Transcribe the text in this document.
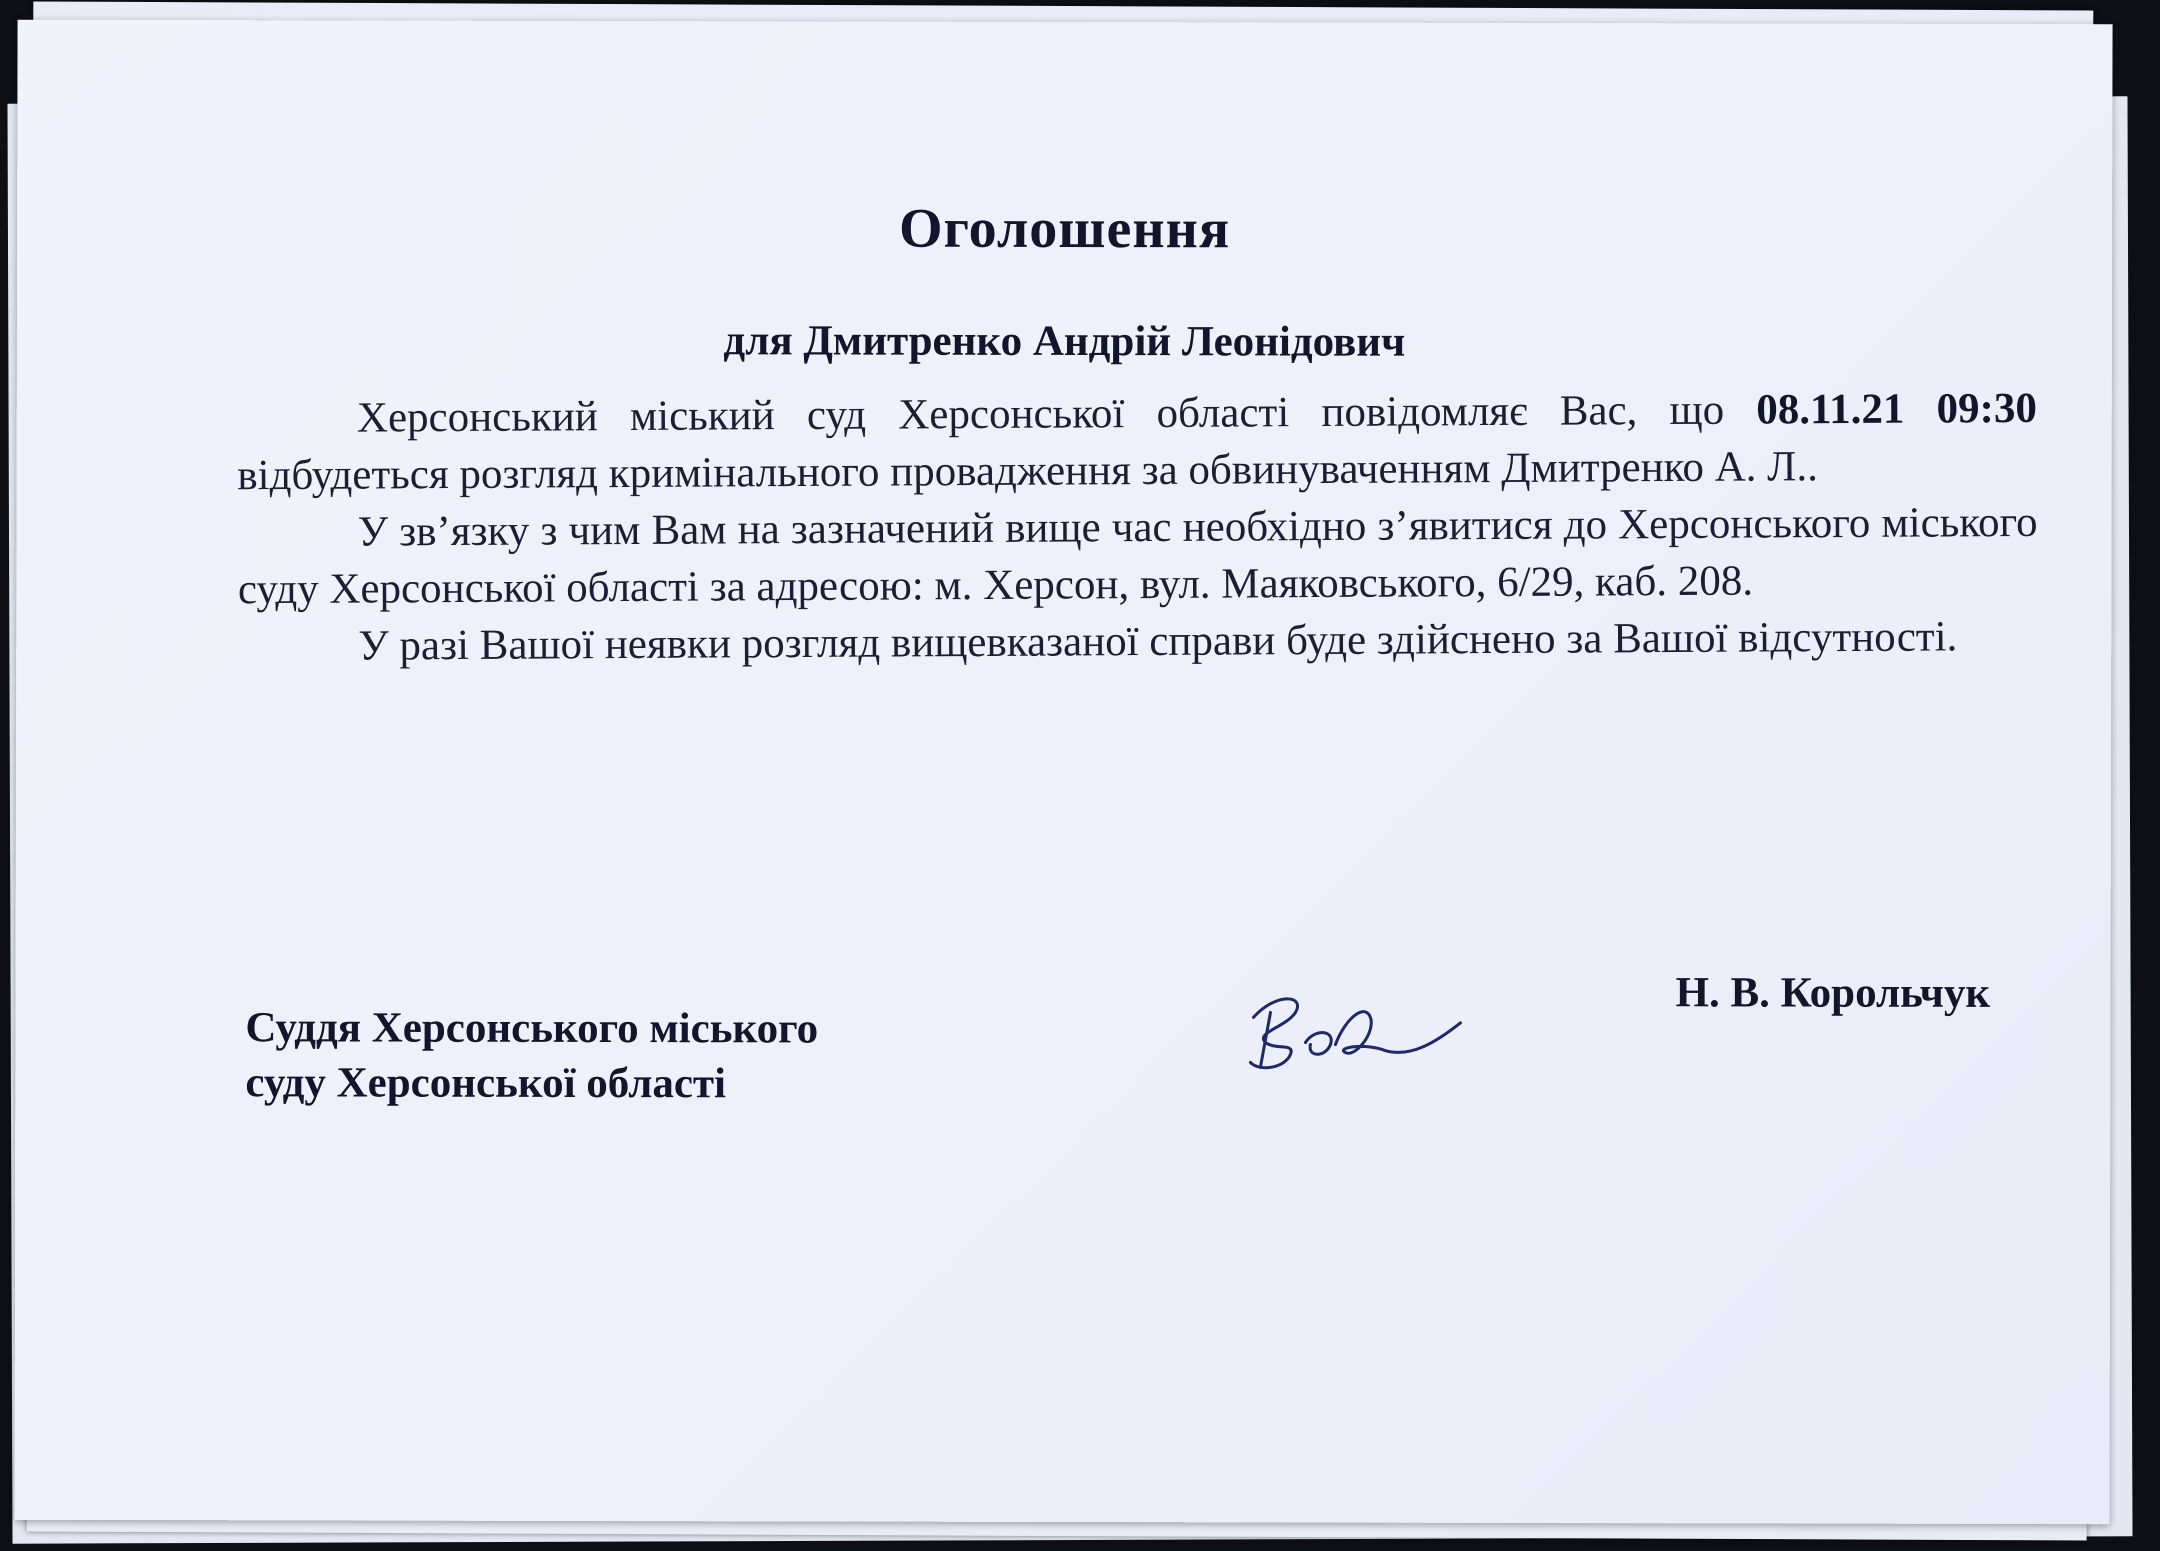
Оголошення
для Дмитренко Андрій Леонідович

Херсонський міський суд Херсонської області повідомляє Вас, що 08.11.21 09:30 відбудеться розгляд кримінального провадження за обвинуваченням Дмитренко А. Л..

У зв’язку з чим Вам на зазначений вище час необхідно з’явитися до Херсонського міського суду Херсонської області за адресою: м. Херсон, вул. Маяковського, 6/29, каб. 208.

У разі Вашої неявки розгляд вищевказаної справи буде здійснено за Вашої відсутності.

Суддя Херсонського міського
суду Херсонської області
Н. В. Корольчук
